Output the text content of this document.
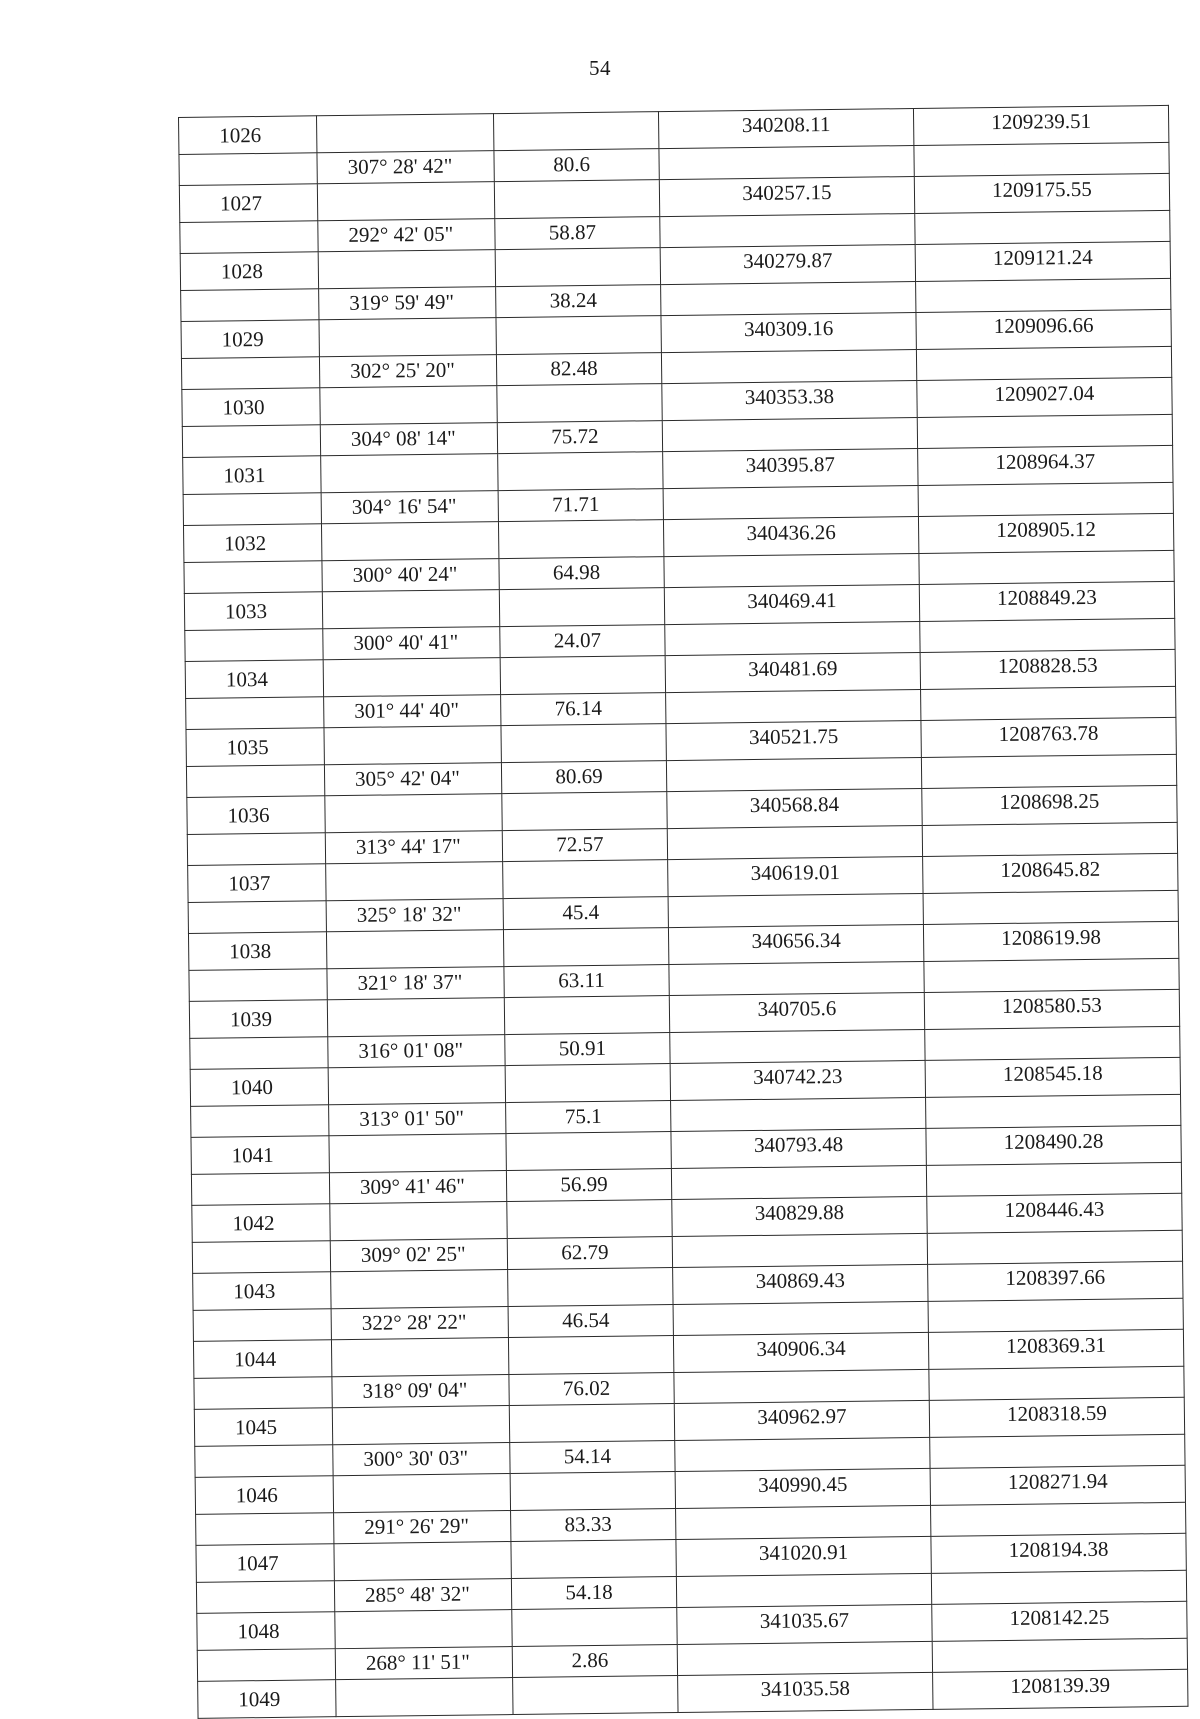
54
1026			340208.11	1209239.51
	307° 28' 42"	80.6		
1027			340257.15	1209175.55
	292° 42' 05"	58.87		
1028			340279.87	1209121.24
	319° 59' 49"	38.24		
1029			340309.16	1209096.66
	302° 25' 20"	82.48		
1030			340353.38	1209027.04
	304° 08' 14"	75.72		
1031			340395.87	1208964.37
	304° 16' 54"	71.71		
1032			340436.26	1208905.12
	300° 40' 24"	64.98		
1033			340469.41	1208849.23
	300° 40' 41"	24.07		
1034			340481.69	1208828.53
	301° 44' 40"	76.14		
1035			340521.75	1208763.78
	305° 42' 04"	80.69		
1036			340568.84	1208698.25
	313° 44' 17"	72.57		
1037			340619.01	1208645.82
	325° 18' 32"	45.4		
1038			340656.34	1208619.98
	321° 18' 37"	63.11		
1039			340705.6	1208580.53
	316° 01' 08"	50.91		
1040			340742.23	1208545.18
	313° 01' 50"	75.1		
1041			340793.48	1208490.28
	309° 41' 46"	56.99		
1042			340829.88	1208446.43
	309° 02' 25"	62.79		
1043			340869.43	1208397.66
	322° 28' 22"	46.54		
1044			340906.34	1208369.31
	318° 09' 04"	76.02		
1045			340962.97	1208318.59
	300° 30' 03"	54.14		
1046			340990.45	1208271.94
	291° 26' 29"	83.33		
1047			341020.91	1208194.38
	285° 48' 32"	54.18		
1048			341035.67	1208142.25
	268° 11' 51"	2.86		
1049			341035.58	1208139.39
